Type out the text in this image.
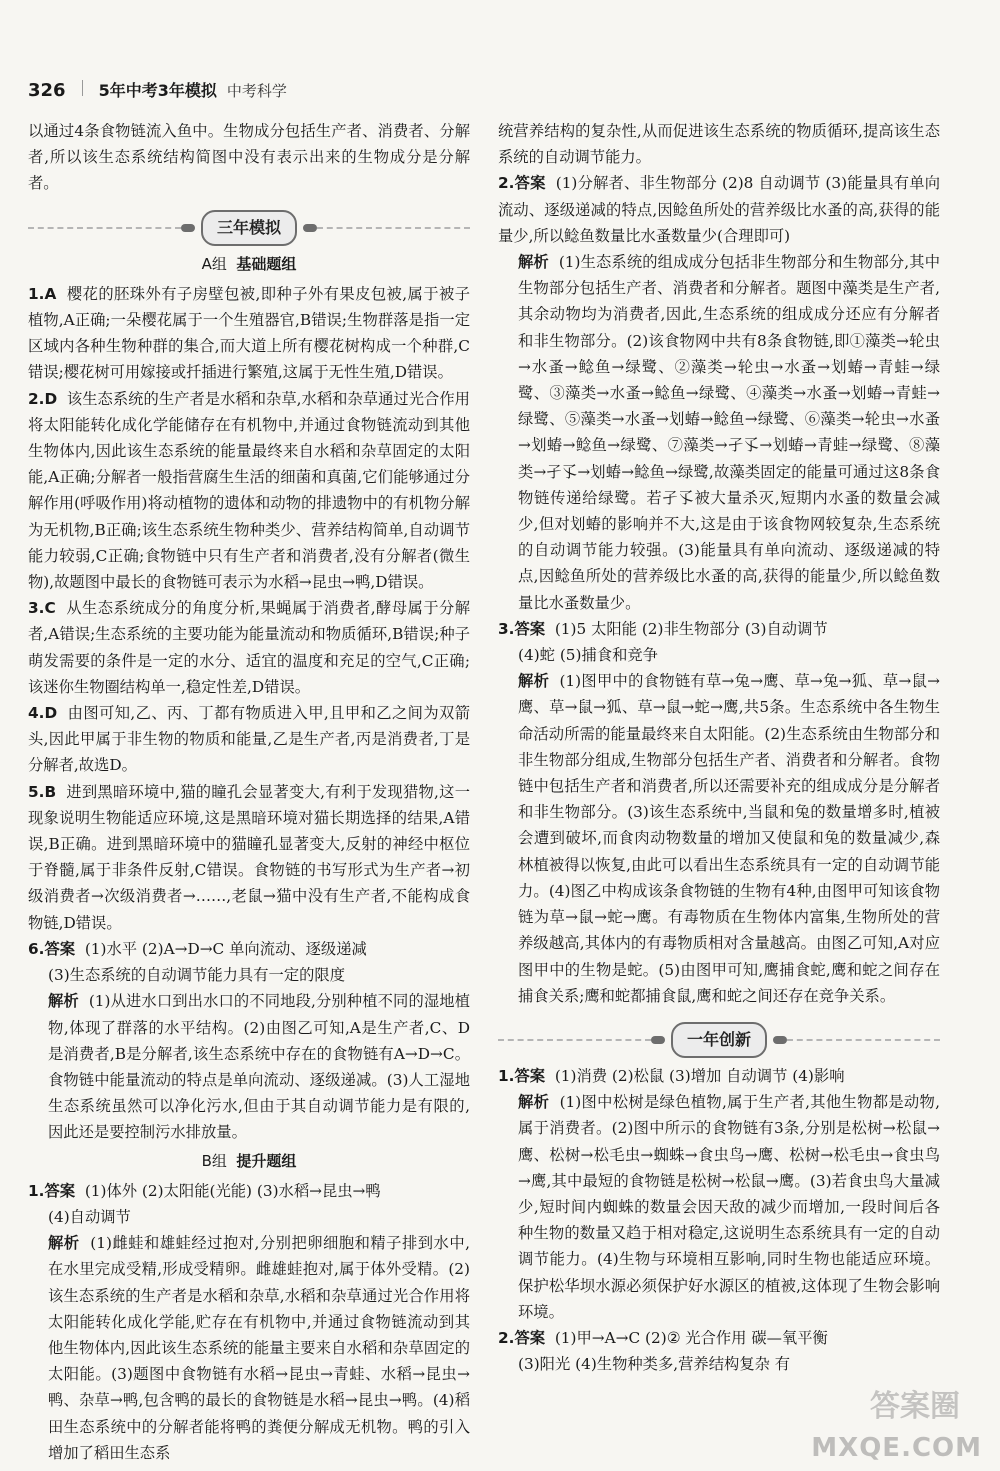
326 5年中考3年模拟 中考科学

以通过4条食物链流入鱼中。生物成分包括生产者、消费者、分解者,所以该生态系统结构简图中没有表示出来的生物成分是分解者。

三年模拟
A组 基础题组

1.A 樱花的胚珠外有子房壁包被,即种子外有果皮包被,属于被子植物,A正确;一朵樱花属于一个生殖器官,B错误;生物群落是指一定区域内各种生物种群的集合,而大道上所有樱花树构成一个种群,C错误;樱花树可用嫁接或扦插进行繁殖,这属于无性生殖,D错误。

2.D 该生态系统的生产者是水稻和杂草,水稻和杂草通过光合作用将太阳能转化成化学能储存在有机物中,并通过食物链流动到其他生物体内,因此该生态系统的能量最终来自水稻和杂草固定的太阳能,A正确;分解者一般指营腐生生活的细菌和真菌,它们能够通过分解作用(呼吸作用)将动植物的遗体和动物的排遗物中的有机物分解为无机物,B正确;该生态系统生物种类少、营养结构简单,自动调节能力较弱,C正确;食物链中只有生产者和消费者,没有分解者(微生物),故题图中最长的食物链可表示为水稻→昆虫→鸭,D错误。

3.C 从生态系统成分的角度分析,果蝇属于消费者,酵母属于分解者,A错误;生态系统的主要功能为能量流动和物质循环,B错误;种子萌发需要的条件是一定的水分、适宜的温度和充足的空气,C正确;该迷你生物圈结构单一,稳定性差,D错误。

4.D 由图可知,乙、丙、丁都有物质进入甲,且甲和乙之间为双箭头,因此甲属于非生物的物质和能量,乙是生产者,丙是消费者,丁是分解者,故选D。

5.B 进到黑暗环境中,猫的瞳孔会显著变大,有利于发现猎物,这一现象说明生物能适应环境,这是黑暗环境对猫长期选择的结果,A错误,B正确。进到黑暗环境中的猫瞳孔显著变大,反射的神经中枢位于脊髓,属于非条件反射,C错误。食物链的书写形式为生产者→初级消费者→次级消费者→……,老鼠→猫中没有生产者,不能构成食物链,D错误。

6.答案 (1)水平 (2)A→D→C 单向流动、逐级递减

(3)生态系统的自动调节能力具有一定的限度

解析 (1)从进水口到出水口的不同地段,分别种植不同的湿地植物,体现了群落的水平结构。(2)由图乙可知,A是生产者,C、D是消费者,B是分解者,该生态系统中存在的食物链有A→D→C。食物链中能量流动的特点是单向流动、逐级递减。(3)人工湿地生态系统虽然可以净化污水,但由于其自动调节能力是有限的,因此还是要控制污水排放量。

B组 提升题组

1.答案 (1)体外 (2)太阳能(光能) (3)水稻→昆虫→鸭

(4)自动调节

解析 (1)雌蛙和雄蛙经过抱对,分别把卵细胞和精子排到水中,在水里完成受精,形成受精卵。雌雄蛙抱对,属于体外受精。(2)该生态系统的生产者是水稻和杂草,水稻和杂草通过光合作用将太阳能转化成化学能,贮存在有机物中,并通过食物链流动到其他生物体内,因此该生态系统的能量主要来自水稻和杂草固定的太阳能。(3)题图中食物链有水稻→昆虫→青蛙、水稻→昆虫→鸭、杂草→鸭,包含鸭的最长的食物链是水稻→昆虫→鸭。(4)稻田生态系统中的分解者能将鸭的粪便分解成无机物。鸭的引入增加了稻田生态系

统营养结构的复杂性,从而促进该生态系统的物质循环,提高该生态系统的自动调节能力。

2.答案 (1)分解者、非生物部分 (2)8 自动调节 (3)能量具有单向流动、逐级递减的特点,因鲶鱼所处的营养级比水蚤的高,获得的能量少,所以鲶鱼数量比水蚤数量少(合理即可)

解析 (1)生态系统的组成成分包括非生物部分和生物部分,其中生物部分包括生产者、消费者和分解者。题图中藻类是生产者,其余动物均为消费者,因此,生态系统的组成成分还应有分解者和非生物部分。(2)该食物网中共有8条食物链,即①藻类→轮虫→水蚤→鲶鱼→绿鹭、②藻类→轮虫→水蚤→划蝽→青蛙→绿鹭、③藻类→水蚤→鲶鱼→绿鹭、④藻类→水蚤→划蝽→青蛙→绿鹭、⑤藻类→水蚤→划蝽→鲶鱼→绿鹭、⑥藻类→轮虫→水蚤→划蝽→鲶鱼→绿鹭、⑦藻类→孑孓→划蝽→青蛙→绿鹭、⑧藻类→孑孓→划蝽→鲶鱼→绿鹭,故藻类固定的能量可通过这8条食物链传递给绿鹭。若孑孓被大量杀灭,短期内水蚤的数量会减少,但对划蝽的影响并不大,这是由于该食物网较复杂,生态系统的自动调节能力较强。(3)能量具有单向流动、逐级递减的特点,因鲶鱼所处的营养级比水蚤的高,获得的能量少,所以鲶鱼数量比水蚤数量少。

3.答案 (1)5 太阳能 (2)非生物部分 (3)自动调节

(4)蛇 (5)捕食和竞争

解析 (1)图甲中的食物链有草→兔→鹰、草→兔→狐、草→鼠→鹰、草→鼠→狐、草→鼠→蛇→鹰,共5条。生态系统中各生物生命活动所需的能量最终来自太阳能。(2)生态系统由生物部分和非生物部分组成,生物部分包括生产者、消费者和分解者。食物链中包括生产者和消费者,所以还需要补充的组成成分是分解者和非生物部分。(3)该生态系统中,当鼠和兔的数量增多时,植被会遭到破坏,而食肉动物数量的增加又使鼠和兔的数量减少,森林植被得以恢复,由此可以看出生态系统具有一定的自动调节能力。(4)图乙中构成该条食物链的生物有4种,由图甲可知该食物链为草→鼠→蛇→鹰。有毒物质在生物体内富集,生物所处的营养级越高,其体内的有毒物质相对含量越高。由图乙可知,A对应图甲中的生物是蛇。(5)由图甲可知,鹰捕食蛇,鹰和蛇之间存在捕食关系;鹰和蛇都捕食鼠,鹰和蛇之间还存在竞争关系。

一年创新

1.答案 (1)消费 (2)松鼠 (3)增加 自动调节 (4)影响

解析 (1)图中松树是绿色植物,属于生产者,其他生物都是动物,属于消费者。(2)图中所示的食物链有3条,分别是松树→松鼠→鹰、松树→松毛虫→蜘蛛→食虫鸟→鹰、松树→松毛虫→食虫鸟→鹰,其中最短的食物链是松树→松鼠→鹰。(3)若食虫鸟大量减少,短时间内蜘蛛的数量会因天敌的减少而增加,一段时间后各种生物的数量又趋于相对稳定,这说明生态系统具有一定的自动调节能力。(4)生物与环境相互影响,同时生物也能适应环境。保护松华坝水源必须保护好水源区的植被,这体现了生物会影响环境。

2.答案 (1)甲→A→C (2)② 光合作用 碳—氧平衡

(3)阳光 (4)生物种类多,营养结构复杂 有

答案圈
MXQE.COM
